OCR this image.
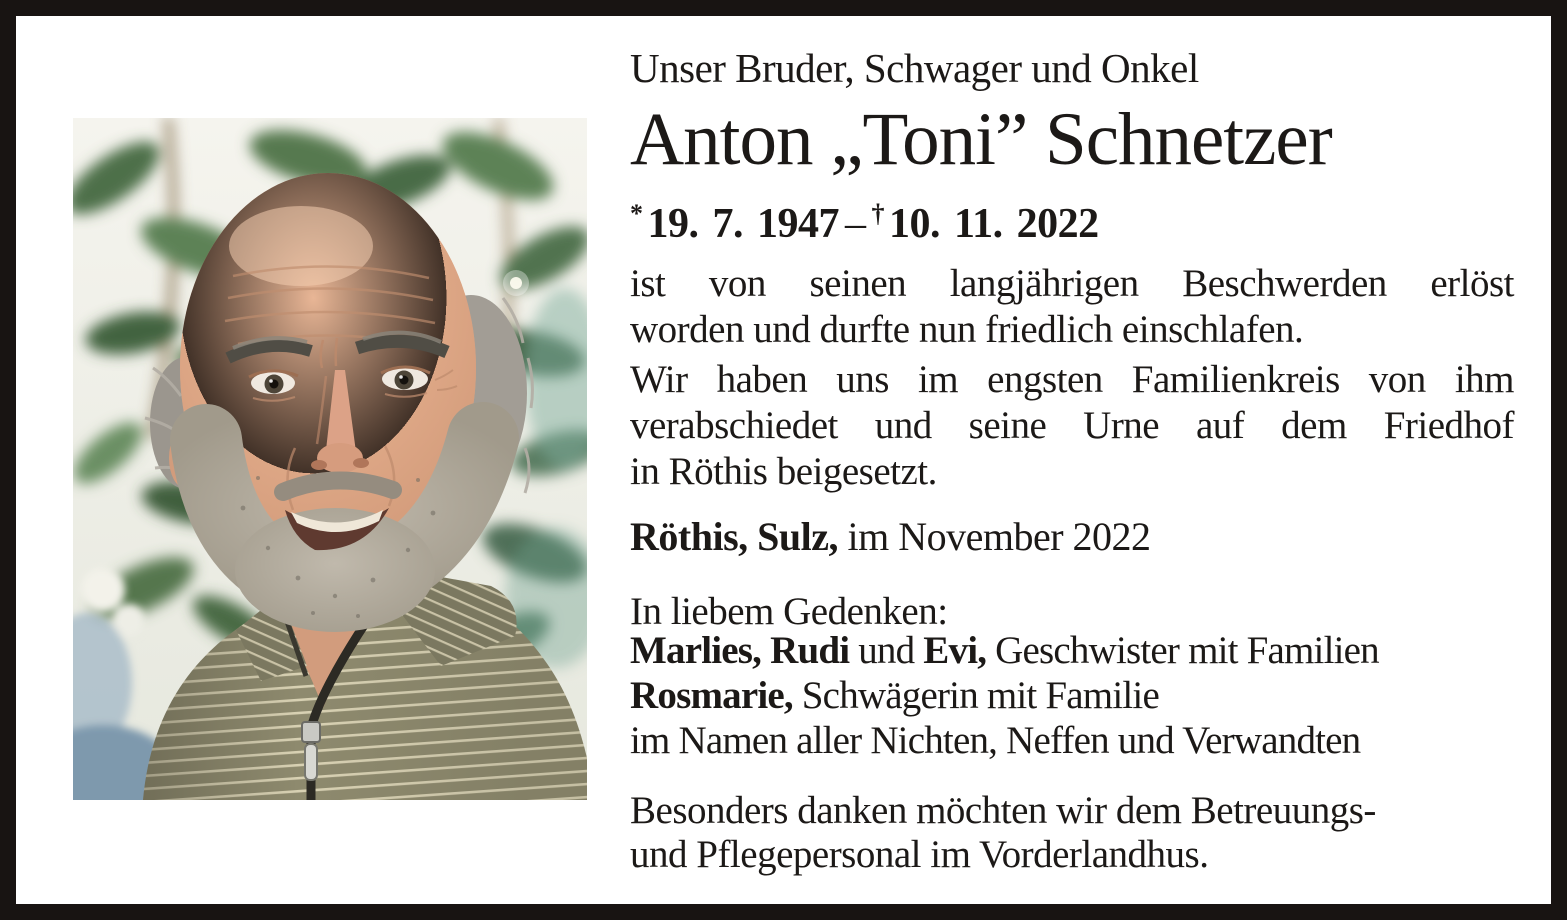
Unser Bruder, Schwager und Onkel
Anton „Toni” Schnetzer
* 19. 7. 1947 – † 10. 11. 2022
ist von seinen langjährigen Beschwerden erlöst
worden und durfte nun friedlich einschlafen.
Wir haben uns im engsten Familienkreis von ihm
verabschiedet und seine Urne auf dem Friedhof
in Röthis beigesetzt.
Röthis, Sulz, im November 2022
In liebem Gedenken:
Marlies, Rudi und Evi, Geschwister mit Familien
Rosmarie, Schwägerin mit Familie
im Namen aller Nichten, Neffen und Verwandten
Besonders danken möchten wir dem Betreuungs-
und Pflegepersonal im Vorderlandhus.
